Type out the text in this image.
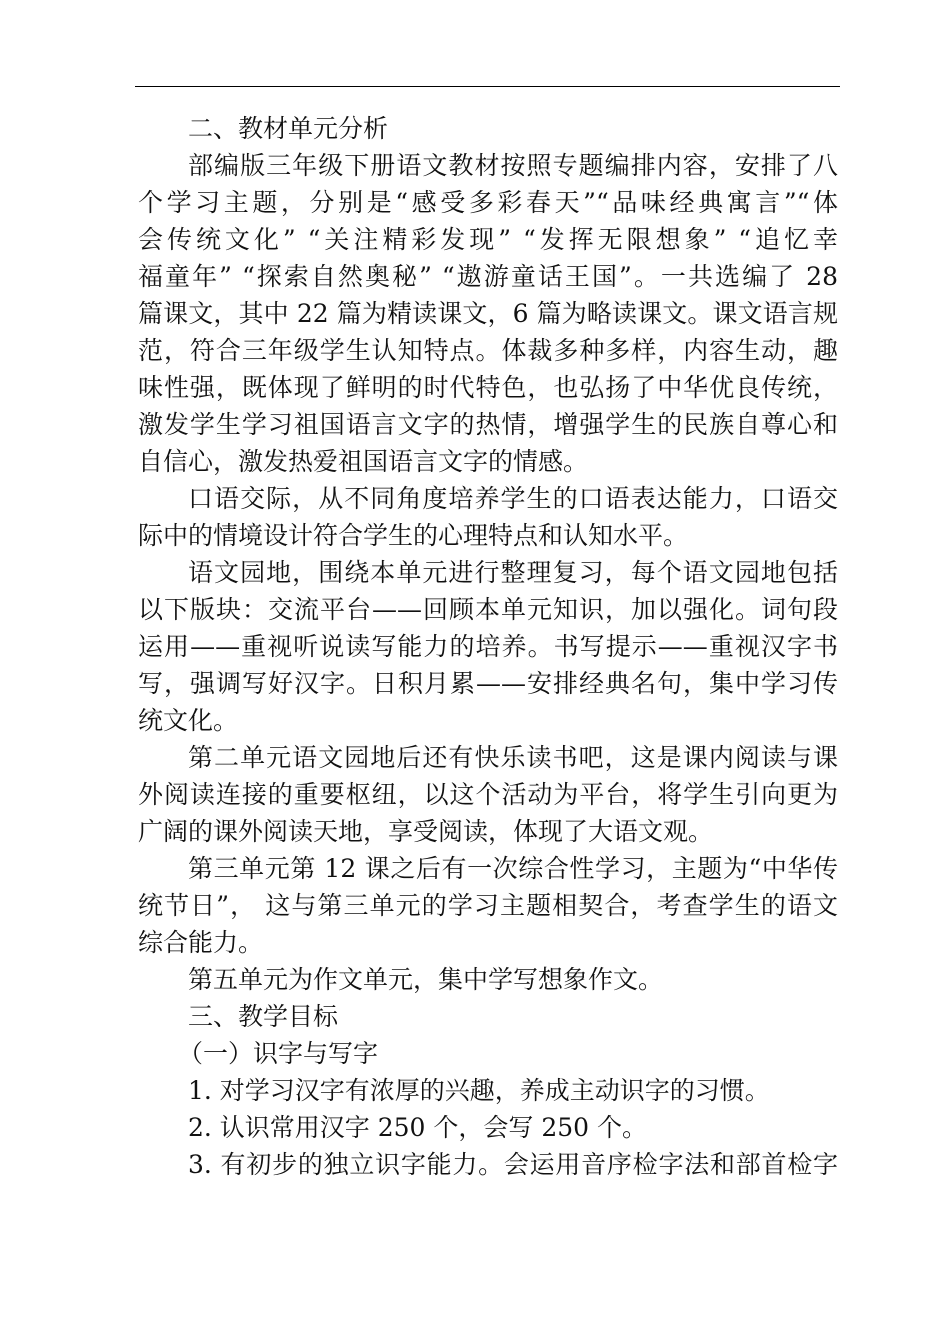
二、教材单元分析

部编版三年级下册语文教材按照专题编排内容，安排了八

个学习主题，分别是“感受多彩春天”“品味经典寓言”“体

会传统文化” “关注精彩发现” “发挥无限想象” “追忆幸

福童年” “探索自然奥秘” “遨游童话王国”。一共选编了 28

篇课文，其中 22 篇为精读课文，6 篇为略读课文。课文语言规

范，符合三年级学生认知特点。体裁多种多样，内容生动，趣

味性强，既体现了鲜明的时代特色，也弘扬了中华优良传统，

激发学生学习祖国语言文字的热情，增强学生的民族自尊心和

自信心，激发热爱祖国语言文字的情感。

口语交际，从不同角度培养学生的口语表达能力，口语交

际中的情境设计符合学生的心理特点和认知水平。

语文园地，围绕本单元进行整理复习，每个语文园地包括

以下版块：交流平台——回顾本单元知识，加以强化。词句段

运用——重视听说读写能力的培养。书写提示——重视汉字书

写，强调写好汉字。日积月累——安排经典名句，集中学习传

统文化。

第二单元语文园地后还有快乐读书吧，这是课内阅读与课

外阅读连接的重要枢纽，以这个活动为平台，将学生引向更为

广阔的课外阅读天地，享受阅读，体现了大语文观。

第三单元第 12 课之后有一次综合性学习，主题为“中华传

统节日”， 这与第三单元的学习主题相契合，考查学生的语文

综合能力。

第五单元为作文单元，集中学写想象作文。

三、教学目标

（一）识字与写字

1. 对学习汉字有浓厚的兴趣，养成主动识字的习惯。

2. 认识常用汉字 250 个，会写 250 个。

3. 有初步的独立识字能力。会运用音序检字法和部首检字
